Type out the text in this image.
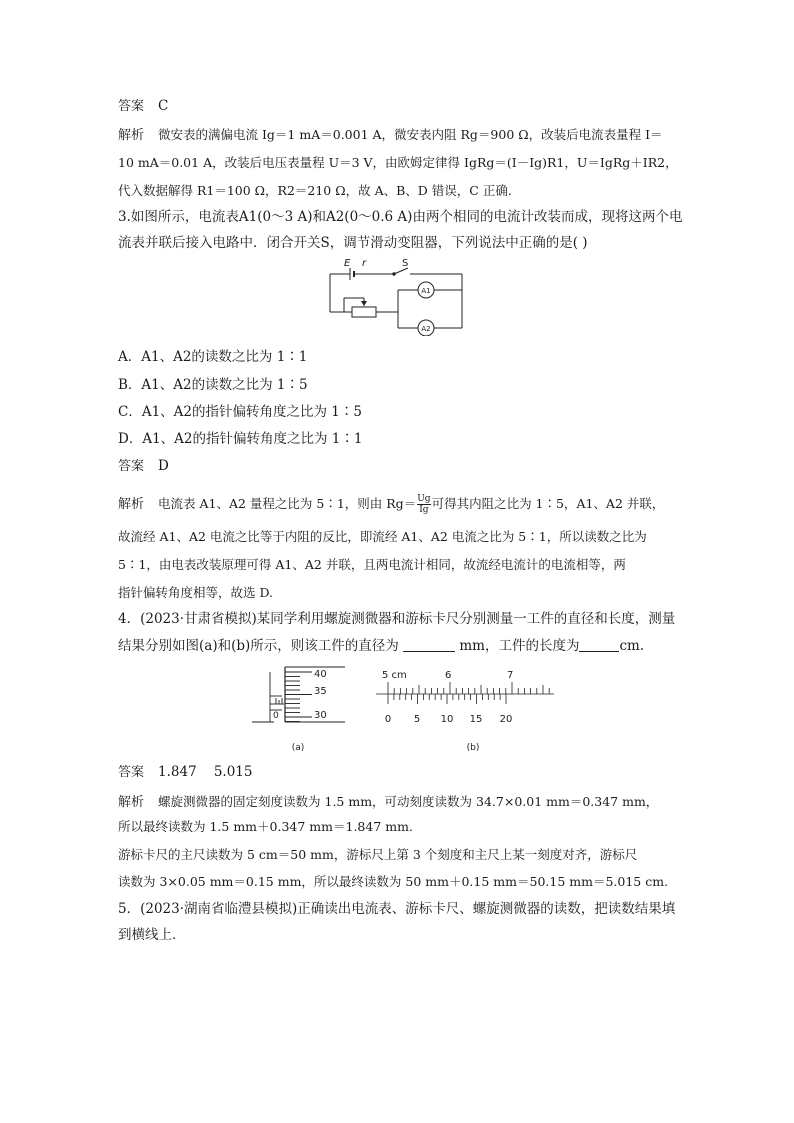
答案 C
解析 微安表的满偏电流 Ig＝1 mA＝0.001 A，微安表内阻 Rg＝900 Ω，改装后电流表量程 I＝
10 mA＝0.01 A，改装后电压表量程 U＝3 V，由欧姆定律得 IgRg＝(I－Ig)R1，U＝IgRg＋IR2，
代入数据解得 R1＝100 Ω，R2＝210 Ω，故 A、B、D 错误，C 正确.
3.如图所示，电流表A1(0～3 A)和A2(0～0.6 A)由两个相同的电流计改装而成，现将这两个电
流表并联后接入电路中．闭合开关S，调节滑动变阻器，下列说法中正确的是( )
E r	S
A1
A2
A．A1、A2的读数之比为 1∶1
B．A1、A2的读数之比为 1∶5
C．A1、A2的指针偏转角度之比为 1∶5
D．A1、A2的指针偏转角度之比为 1∶1
答案 D
解析 电流表 A1、A2 量程之比为 5∶1，则由 $Rg= \frac{Ug}{Ig}$ 可得其内阻之比为 1∶5，A1、A2 并联，
故流经 A1、A2 电流之比等于内阻的反比，即流经 A1、A2 电流之比为 5∶1，所以读数之比为
5∶1，由电表改装原理可得 A1、A2 并联，且两电流计相同，故流经电流计的电流相等，两
指针偏转角度相等，故选 D.
4．(2023·甘肃省模拟)某同学利用螺旋测微器和游标卡尺分别测量一工件的直径和长度，测量
结果分别如图(a)和(b)所示，则该工件的直径为	mm，工件的长度为	cm.
0
40
35
30
(a)
5 cm	6	7
0 5 10 15 20
(b)
答案 1.847    5.015
解析 螺旋测微器的固定刻度读数为 1.5 mm，可动刻度读数为 34.7×0.01 mm＝0.347 mm，
所以最终读数为 1.5 mm＋0.347 mm＝1.847 mm.
游标卡尺的主尺读数为 5 cm＝50 mm，游标尺上第 3 个刻度和主尺上某一刻度对齐，游标尺
读数为 3×0.05 mm＝0.15 mm，所以最终读数为 50 mm＋0.15 mm＝50.15 mm＝5.015 cm.
5．(2023·湖南省临澧县模拟)正确读出电流表、游标卡尺、螺旋测微器的读数，把读数结果填
到横线上．
